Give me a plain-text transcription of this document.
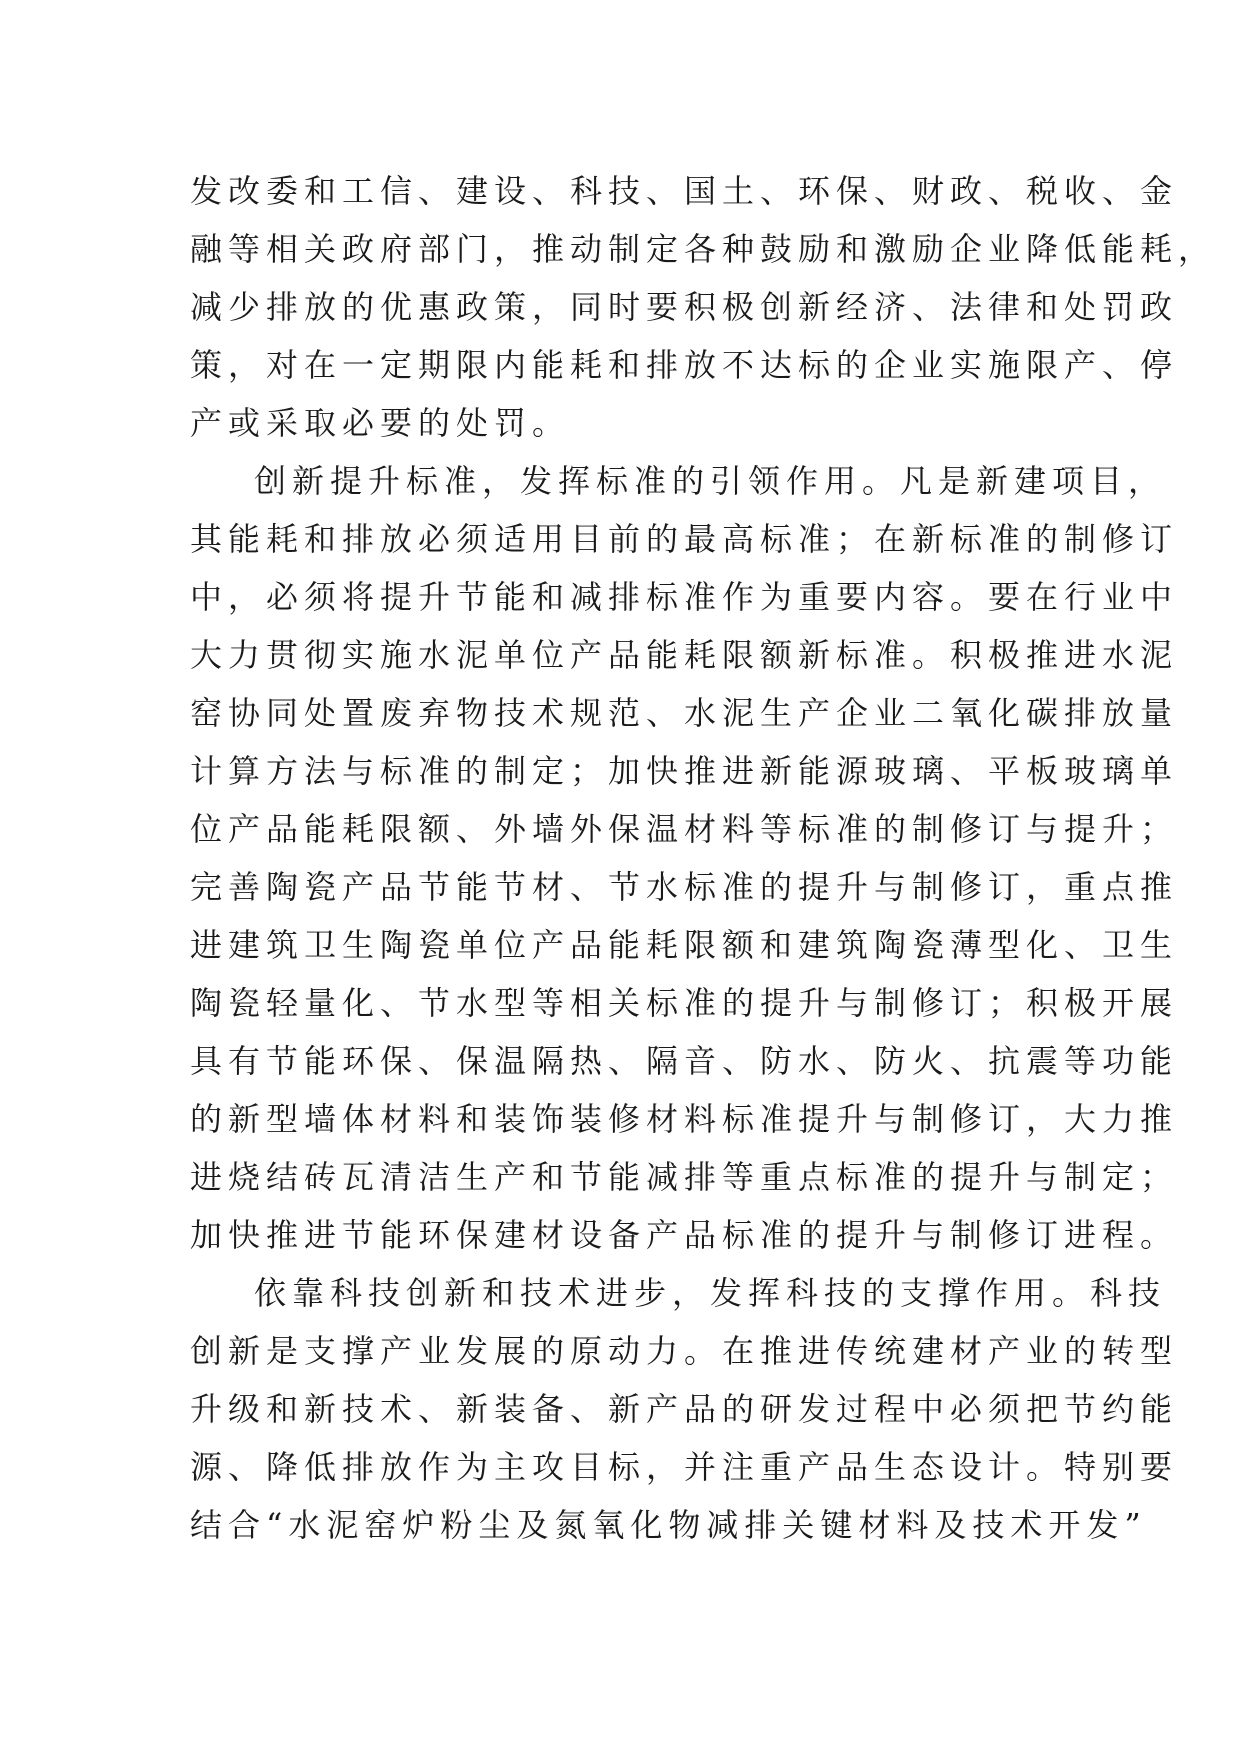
发改委和工信、建设、科技、国土、环保、财政、税收、金
融等相关政府部门，推动制定各种鼓励和激励企业降低能耗，
减少排放的优惠政策，同时要积极创新经济、法律和处罚政
策，对在一定期限内能耗和排放不达标的企业实施限产、停
产或采取必要的处罚。
创新提升标准，发挥标准的引领作用。凡是新建项目，
其能耗和排放必须适用目前的最高标准；在新标准的制修订
中，必须将提升节能和减排标准作为重要内容。要在行业中
大力贯彻实施水泥单位产品能耗限额新标准。积极推进水泥
窑协同处置废弃物技术规范、水泥生产企业二氧化碳排放量
计算方法与标准的制定；加快推进新能源玻璃、平板玻璃单
位产品能耗限额、外墙外保温材料等标准的制修订与提升；
完善陶瓷产品节能节材、节水标准的提升与制修订，重点推
进建筑卫生陶瓷单位产品能耗限额和建筑陶瓷薄型化、卫生
陶瓷轻量化、节水型等相关标准的提升与制修订；积极开展
具有节能环保、保温隔热、隔音、防水、防火、抗震等功能
的新型墙体材料和装饰装修材料标准提升与制修订，大力推
进烧结砖瓦清洁生产和节能减排等重点标准的提升与制定；
加快推进节能环保建材设备产品标准的提升与制修订进程。
依靠科技创新和技术进步，发挥科技的支撑作用。科技
创新是支撑产业发展的原动力。在推进传统建材产业的转型
升级和新技术、新装备、新产品的研发过程中必须把节约能
源、降低排放作为主攻目标，并注重产品生态设计。特别要
结合“水泥窑炉粉尘及氮氧化物减排关键材料及技术开发”
